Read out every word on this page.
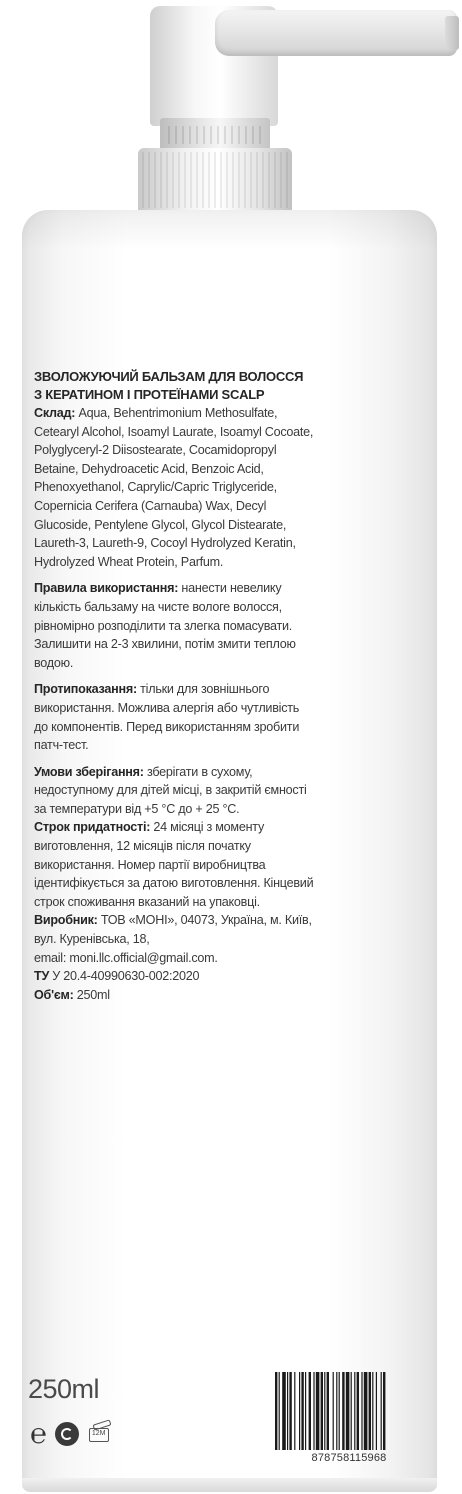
ЗВОЛОЖУЮЧИЙ БАЛЬЗАМ ДЛЯ ВОЛОССЯ
З КЕРАТИНОМ І ПРОТЕЇНАМИ SCALP

Склад: Aqua, Behentrimonium Methosulfate,
Cetearyl Alcohol, Isoamyl Laurate, Isoamyl Cocoate,
Polyglyceryl-2 Diisostearate, Cocamidopropyl
Betaine, Dehydroacetic Acid, Benzoic Acid,
Phenoxyethanol, Caprylic/Capric Triglyceride,
Copernicia Cerifera (Carnauba) Wax, Decyl
Glucoside, Pentylene Glycol, Glycol Distearate,
Laureth-3, Laureth-9, Cocoyl Hydrolyzed Keratin,
Hydrolyzed Wheat Protein, Parfum.

Правила використання: нанести невелику
кількість бальзаму на чисте вологе волосся,
рівномірно розподілити та злегка помасувати.
Залишити на 2-3 хвилини, потім змити теплою
водою.

Протипоказання: тільки для зовнішнього
використання. Можлива алергія або чутливість
до компонентів. Перед використанням зробити
патч-тест.

Умови зберігання: зберігати в сухому,
недоступному для дітей місці, в закритій ємності
за температури від +5 °С до + 25 °С.

Строк придатності: 24 місяці з моменту
виготовлення, 12 місяців після початку
використання. Номер партії виробництва
ідентифікується за датою виготовлення. Кінцевий
строк споживання вказаний на упаковці.

Виробник: ТОВ «МОНІ», 04073, Україна, м. Київ,
вул. Куренівська, 18,
email: moni.llc.official@gmail.com.

ТУ У 20.4-40990630-002:2020
Об'єм: 250ml

250ml
℮	12M
8787581159​68
